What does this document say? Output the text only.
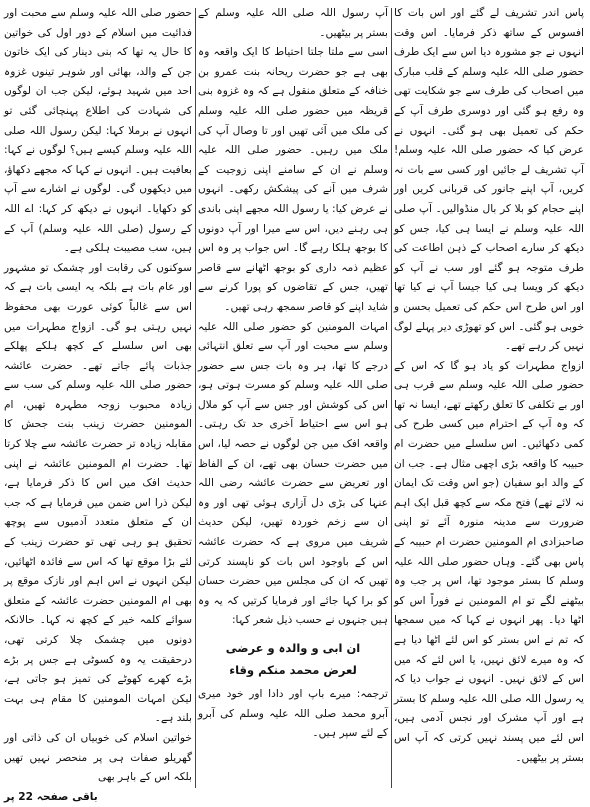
پاس اندر تشریف لے گئے اور اس بات کا افسوس کے ساتھ ذکر فرمایا۔ اس وقت انہوں نے جو مشورہ دیا اس سے ایک طرف حضور صلی اللہ علیہ وسلم کے قلب مبارک میں اصحاب کی طرف سے جو شکایت تھی وہ رفع ہو گئی اور دوسری طرف آپ کے حکم کی تعمیل بھی ہو گئی۔ انہوں نے عرض کیا کہ حضور صلی اللہ علیہ وسلم! آپ تشریف لے جائیں اور کسی سے بات نہ کریں، آپ اپنے جانور کی قربانی کریں اور اپنے حجام کو بلا کر بال منڈوالیں۔ آپ صلی اللہ علیہ وسلم نے ایسا ہی کیا، جس کو دیکھ کر سارے اصحاب کے ذہن اطاعت کی طرف متوجہ ہو گئے اور سب نے آپ کو دیکھ کر ویسا ہی کیا جیسا آپ نے کیا تھا اور اس طرح اس حکم کی تعمیل بحسن و خوبی ہو گئی۔ اس کو تھوڑی دیر پہلے لوگ نہیں کر رہے تھے۔

ازواج مطہرات کو یاد ہو گا کہ اس کے حضور صلی اللہ علیہ وسلم سے قرب ہی اور بے تکلفی کا تعلق رکھتے تھے، ایسا نہ تھا کہ وہ آپ کے احترام میں کسی طرح کی کمی دکھائیں۔ اس سلسلے میں حضرت ام حبیبہ کا واقعہ بڑی اچھی مثال ہے۔ جب ان کے والد ابو سفیان (جو اس وقت تک ایمان نہ لائے تھے) فتح مکہ سے کچھ قبل ایک اہم ضرورت سے مدینہ منورہ آئے تو اپنی صاحبزادی ام المومنین حضرت ام حبیبہ کے پاس بھی گئے۔ وہاں حضور صلی اللہ علیہ وسلم کا بستر موجود تھا، اس پر جب وہ بیٹھنے لگے تو ام المومنین نے فوراً اس کو اٹھا دیا۔ پھر انہوں نے کہا کہ میں سمجھا کہ تم نے اس بستر کو اس لئے اٹھا دیا ہے کہ وہ میرے لائق نہیں، یا اس لئے کہ میں اس کے لائق نہیں۔ انہوں نے جواب دیا کہ یہ رسول اللہ صلی اللہ علیہ وسلم کا بستر ہے اور آپ مشرک اور نجس آدمی ہیں، اس لئے میں پسند نہیں کرتی کہ آپ اس بستر پر بیٹھیں۔

آپ رسول اللہ صلی اللہ علیہ وسلم کے بستر پر بیٹھیں۔

اسی سے ملتا جلتا احتیاط کا ایک واقعہ وہ بھی ہے جو حضرت ریحانہ بنت عمرو بن خنافہ کے متعلق منقول ہے کہ وہ غزوہ بنی قریظہ میں حضور صلی اللہ علیہ وسلم کی ملک میں آئی تھیں اور تا وصال آپ کی ملک میں رہیں۔ حضور صلی اللہ علیہ وسلم نے ان کے سامنے اپنی زوجیت کے شرف میں آنے کی پیشکش رکھی۔ انہوں نے عرض کیا: یا رسول اللہ مجھے اپنی باندی ہی رہنے دیں، اس سے میرا اور آپ دونوں کا بوجھ ہلکا رہے گا۔ اس جواب پر وہ اس عظیم ذمہ داری کو بوجھ اٹھانے سے قاصر تھیں، جس کے تقاضوں کو پورا کرنے سے شاید اپنے کو قاصر سمجھ رہی تھیں۔

امہات المومنین کو حضور صلی اللہ علیہ وسلم سے محبت اور آپ سے تعلق انتہائی درجے کا تھا، ہر وہ بات جس سے حضور صلی اللہ علیہ وسلم کو مسرت ہوتی ہو، اس کی کوشش اور جس سے آپ کو ملال ہو اس سے احتیاط آخری حد تک رہتی۔ واقعہ افک میں جن لوگوں نے حصہ لیا، اس میں حضرت حسان بھی تھے، ان کے الفاظ اور تعریض سے حضرت عائشہ رضی اللہ عنہا کی بڑی دل آزاری ہوئی تھی اور وہ ان سے زخم خوردہ تھیں، لیکن حدیث شریف میں مروی ہے کہ حضرت عائشہ اس کے باوجود اس بات کو ناپسند کرتی تھیں کہ ان کی مجلس میں حضرت حسان کو برا کہا جائے اور فرمایا کرتیں کہ یہ وہ ہیں جنہوں نے حسب ذیل شعر کہا:

ان ابی و والدہ و عرضی
لعرض محمد منکم وقاء

ترجمہ: میرے باپ اور دادا اور خود میری آبرو محمد صلی اللہ علیہ وسلم کی آبرو کے لئے سپر ہیں۔

حضور صلی اللہ علیہ وسلم سے محبت اور فدائیت میں اسلام کے دور اول کی خواتین کا حال یہ تھا کہ بنی دینار کی ایک خاتون جن کے والد، بھائی اور شوہر تینوں غزوہ احد میں شہید ہوئے، لیکن جب ان لوگوں کی شہادت کی اطلاع پہنچائی گئی تو انہوں نے برملا کہا: لیکن رسول اللہ صلی اللہ علیہ وسلم کیسے ہیں؟ لوگوں نے کہا: بعافیت ہیں۔ انہوں نے کہا کہ مجھے دکھاؤ، میں دیکھوں گی۔ لوگوں نے اشارے سے آپ کو دکھایا۔ انہوں نے دیکھ کر کہا: اے اللہ کے رسول (صلی اللہ علیہ وسلم) آپ کے ہیں، سب مصیبت ہلکی ہے۔

سوکنوں کی رقابت اور چشمک تو مشہور اور عام بات ہے بلکہ یہ ایسی بات ہے کہ اس سے غالباً کوئی عورت بھی محفوظ نہیں رہتی ہو گی۔ ازواج مطہرات میں بھی اس سلسلے کے کچھ ہلکے پھلکے جذبات پائے جاتے تھے۔ حضرت عائشہ حضور صلی اللہ علیہ وسلم کی سب سے زیادہ محبوب زوجہ مطہرہ تھیں، ام المومنین حضرت زینب بنت جحش کا مقابلہ زیادہ تر حضرت عائشہ سے چلا کرتا تھا۔ حضرت ام المومنین عائشہ نے اپنی حدیث افک میں اس کا ذکر فرمایا ہے، لیکن ذرا اس ضمن میں فرمایا ہے کہ جب ان کے متعلق متعدد آدمیوں سے پوچھ تحقیق ہو رہی تھی تو حضرت زینب کے لئے بڑا موقع تھا کہ اس سے فائدہ اٹھائیں، لیکن انہوں نے اس اہم اور نازک موقع پر بھی ام المومنین حضرت عائشہ کے متعلق سوائے کلمہ خیر کے کچھ نہ کہا۔ حالانکہ دونوں میں چشمک چلا کرتی تھی، درحقیقت یہ وہ کسوٹی ہے جس پر بڑے بڑے کھرے کھوٹے کی تمیز ہو جاتی ہے، لیکن امہات المومنین کا مقام ہی بہت بلند ہے۔

خواتین اسلام کی خوبیاں ان کی ذاتی اور گھریلو صفات ہی پر منحصر نہیں تھیں بلکہ اس کے باہر بھی

باقی صفحہ 22 پر
